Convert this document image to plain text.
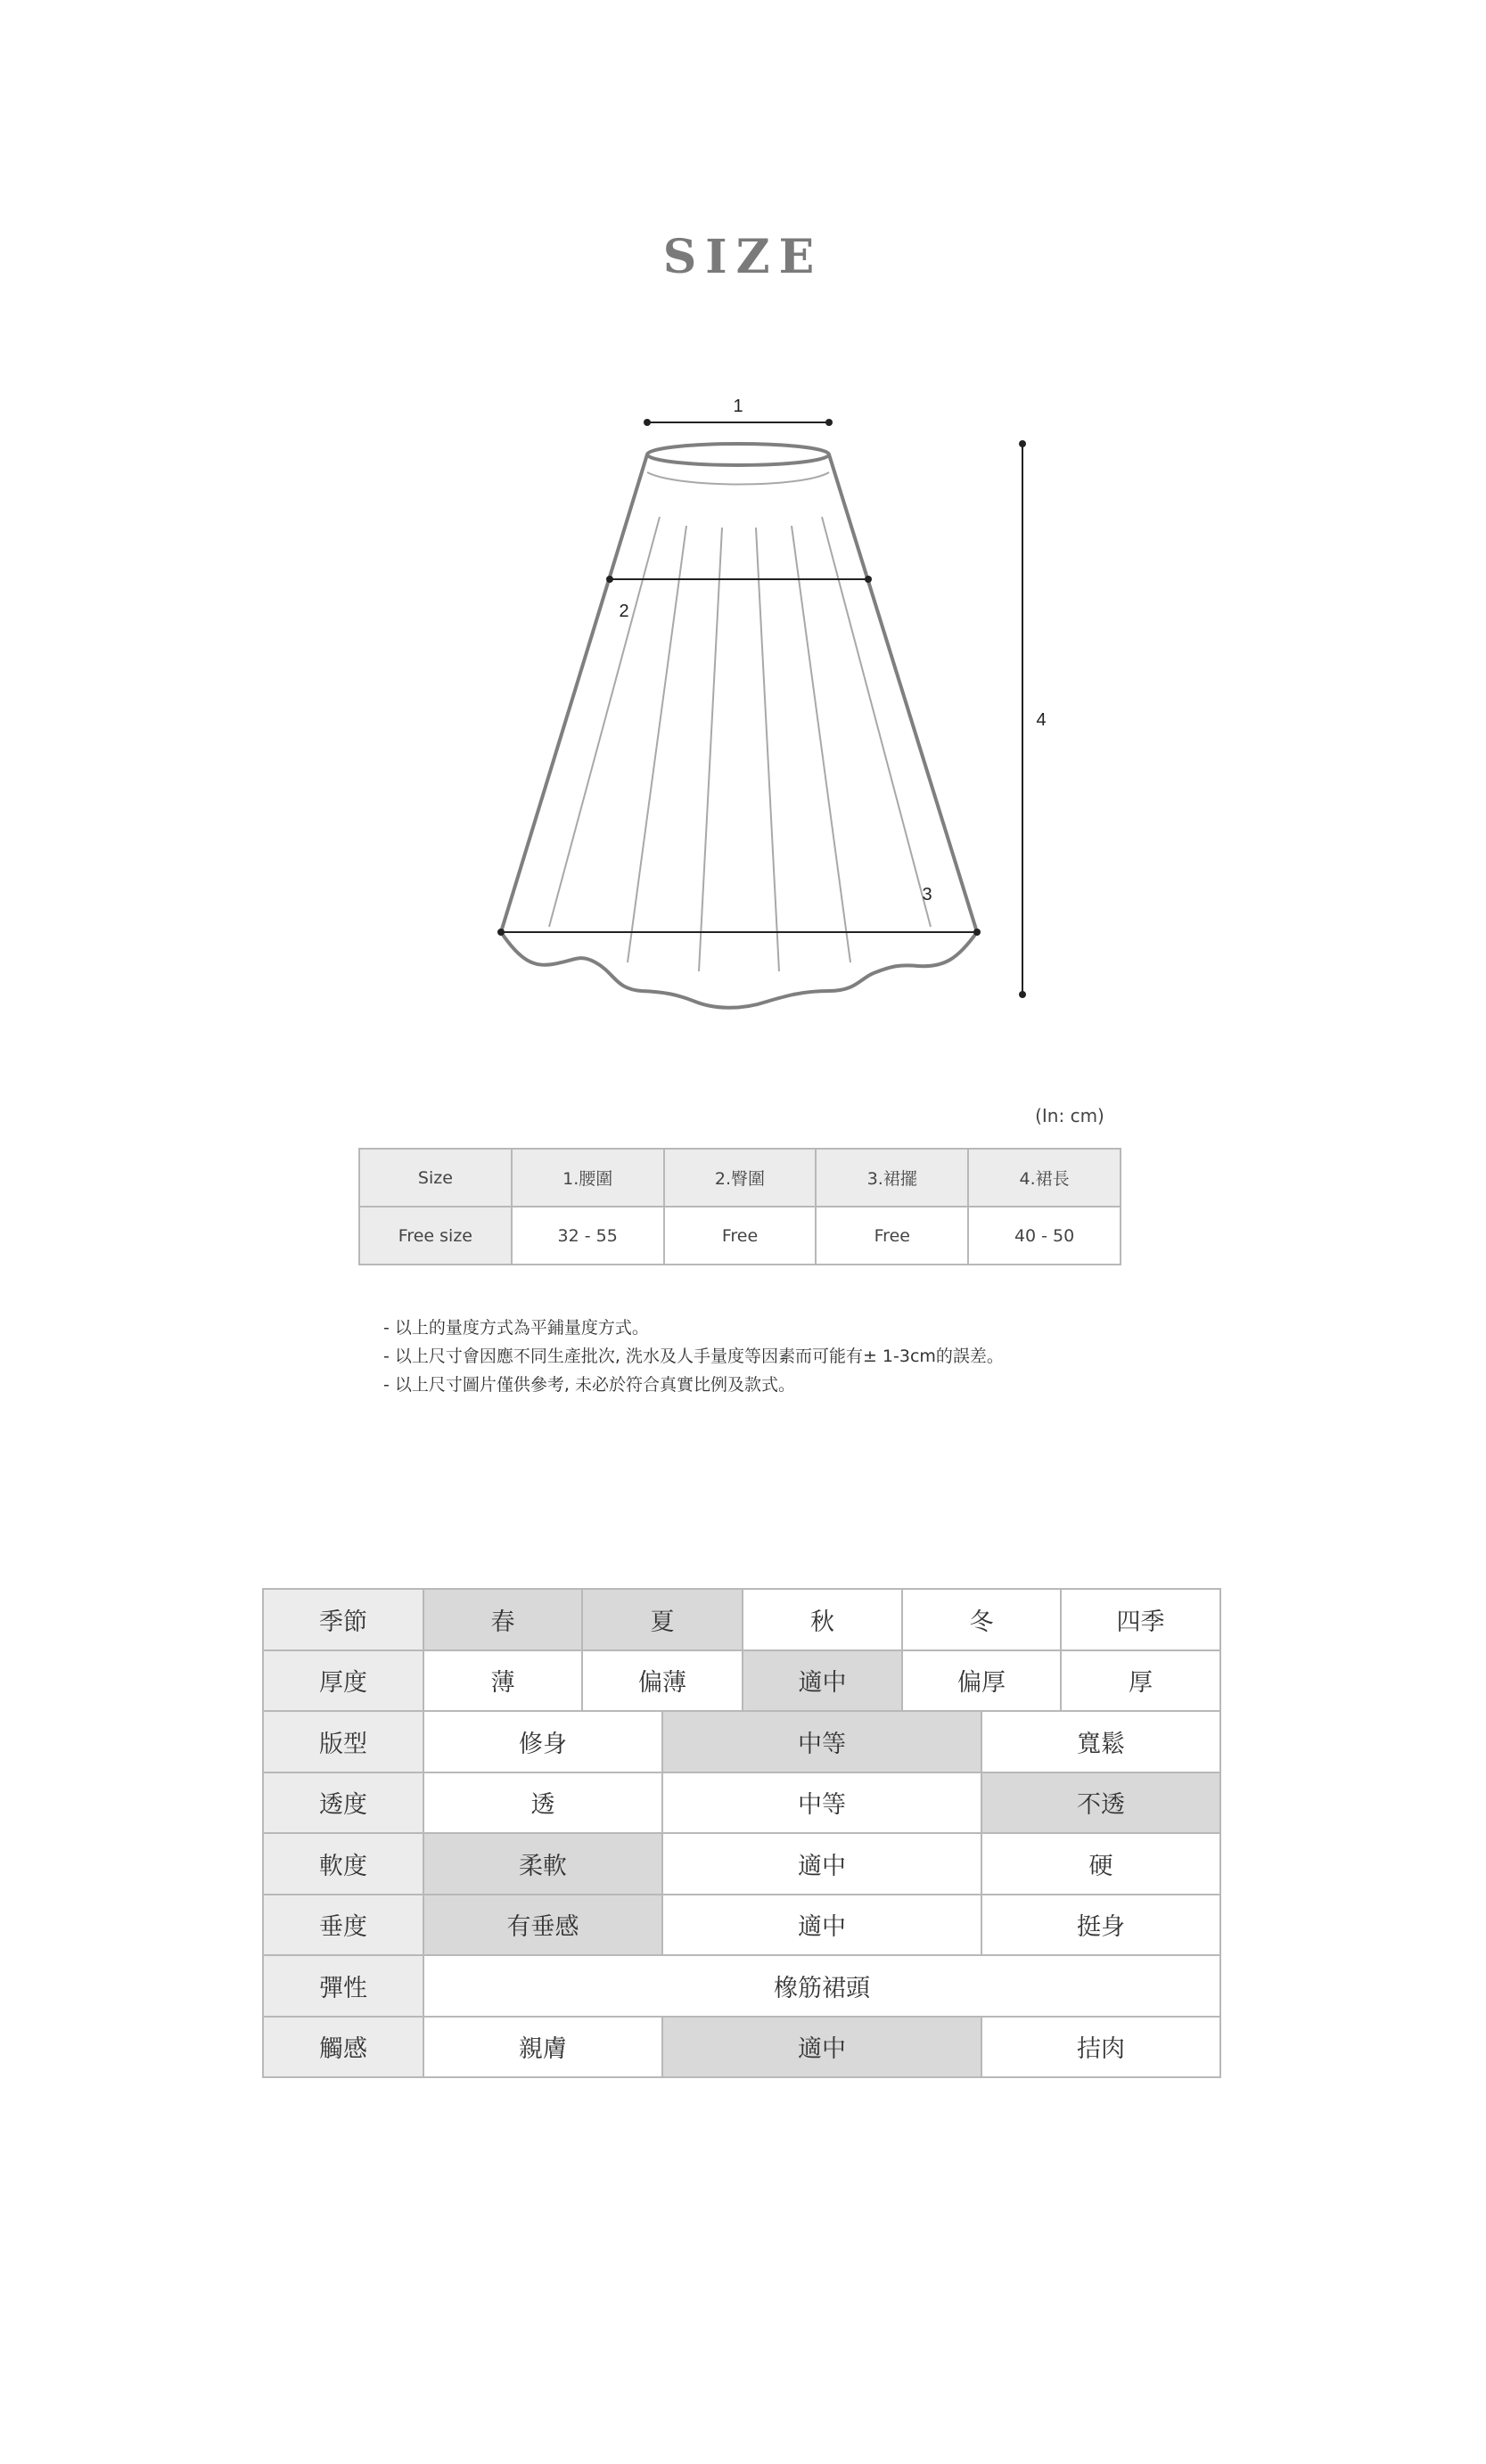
SIZE
1
2
3
4
(In: cm)
Size	1.腰圍	2.臀圍	3.裙擺	4.裙長
Free size	32 - 55	Free	Free	40 - 50
- 以上的量度方式為平鋪量度方式。
- 以上尺寸會因應不同生產批次, 洗水及人手量度等因素而可能有± 1-3cm的誤差。
- 以上尺寸圖片僅供參考, 未必於符合真實比例及款式。
季節	春	夏		秋	冬		四季
厚度	薄	偏薄		適中	偏厚		厚
版型	修身		中等			寬鬆	
透度	透		中等			不透	
軟度	柔軟		適中			硬	
垂度	有垂感		適中			挺身	
彈性	橡筋裙頭						
觸感	親膚		適中			拮肉	
